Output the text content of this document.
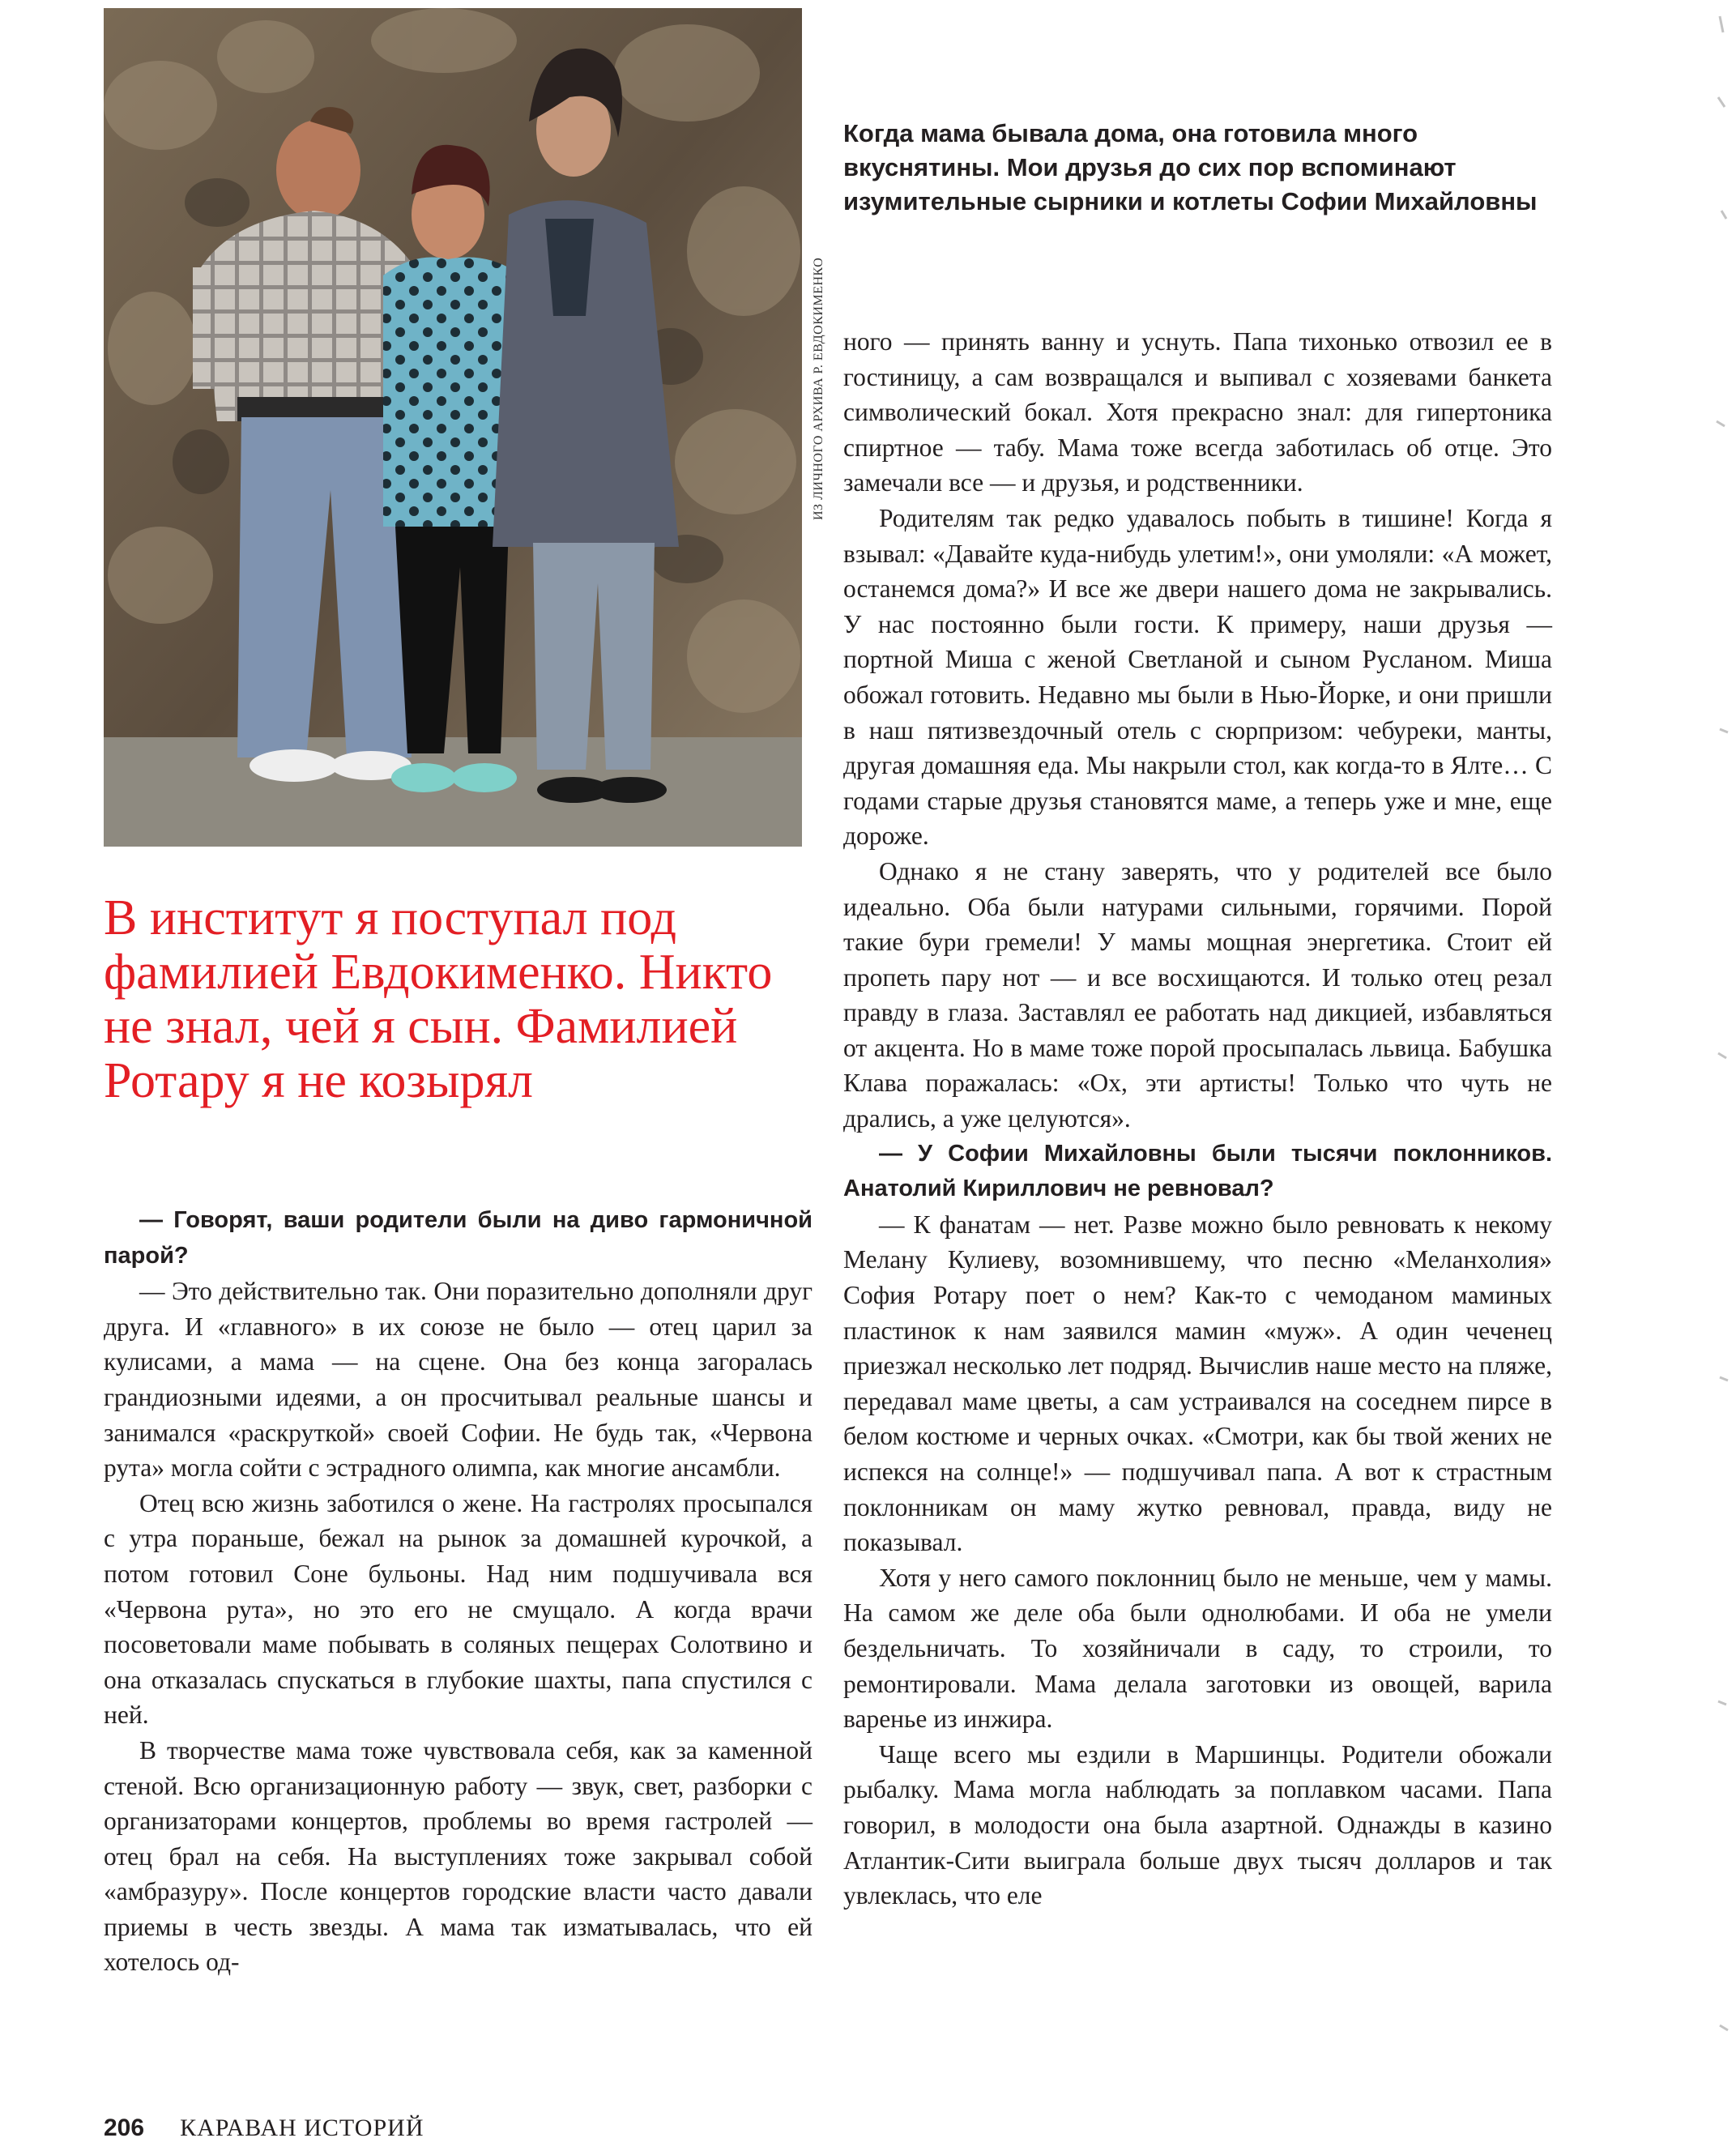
ИЗ ЛИЧНОГО АРХИВА Р. ЕВДОКИМЕНКО
Когда мама бывала дома, она готовила много вкуснятины. Мои друзья до сих пор вспоминают изумительные сырники и котлеты Софии Михайловны
В институт я поступал под фамилией Евдокименко. Никто не знал, чей я сын. Фамилией Ротару я не козырял

— Говорят, ваши родители были на диво гармоничной парой?

— Это действительно так. Они поразительно дополняли друг друга. И «главного» в их союзе не было — отец царил за кулисами, а мама — на сцене. Она без конца загоралась грандиозными идеями, а он просчитывал реальные шансы и занимался «раскруткой» своей Софии. Не будь так, «Червона рута» могла сойти с эстрадного олимпа, как многие ансамбли.

Отец всю жизнь заботился о жене. На гастролях просыпался с утра пораньше, бежал на рынок за домашней курочкой, а потом готовил Соне бульоны. Над ним подшучивала вся «Червона рута», но это его не смущало. А когда врачи посоветовали маме побывать в соляных пещерах Солотвино и она отказалась спускаться в глубокие шахты, папа спустился с ней.

В творчестве мама тоже чувствовала себя, как за каменной стеной. Всю организационную работу — звук, свет, разборки с организаторами концертов, проблемы во время гастролей — отец брал на себя. На выступлениях тоже закрывал собой «амбразуру». После концертов городские власти часто давали приемы в честь звезды. А мама так изматывалась, что ей хотелось од-

ного — принять ванну и уснуть. Папа тихонько отвозил ее в гостиницу, а сам возвращался и выпивал с хозяевами банкета символический бокал. Хотя прекрасно знал: для гипертоника спиртное — табу. Мама тоже всегда заботилась об отце. Это замечали все — и друзья, и родственники.

Родителям так редко удавалось побыть в тишине! Когда я взывал: «Давайте куда-нибудь улетим!», они умоляли: «А может, останемся дома?» И все же двери нашего дома не закрывались. У нас постоянно были гости. К примеру, наши друзья — портной Миша с женой Светланой и сыном Русланом. Миша обожал готовить. Недавно мы были в Нью-Йорке, и они пришли в наш пятизвездочный отель с сюрпризом: чебуреки, манты, другая домашняя еда. Мы накрыли стол, как когда-то в Ялте… С годами старые друзья становятся маме, а теперь уже и мне, еще дороже.

Однако я не стану заверять, что у родителей все было идеально. Оба были натурами сильными, горячими. Порой такие бури гремели! У мамы мощная энергетика. Стоит ей пропеть пару нот — и все восхищаются. И только отец резал правду в глаза. Заставлял ее работать над дикцией, избавляться от акцента. Но в маме тоже порой просыпалась львица. Бабушка Клава поражалась: «Ох, эти артисты! Только что чуть не дрались, а уже целуются».

— У Софии Михайловны были тысячи поклонников. Анатолий Кириллович не ревновал?

— К фанатам — нет. Разве можно было ревновать к некому Мелану Кулиеву, возомнившему, что песню «Меланхолия» София Ротару поет о нем? Как-то с чемоданом маминых пластинок к нам заявился мамин «муж». А один чеченец приезжал несколько лет подряд. Вычислив наше место на пляже, передавал маме цветы, а сам устраивался на соседнем пирсе в белом костюме и черных очках. «Смотри, как бы твой жених не испекся на солнце!» — подшучивал папа. А вот к страстным поклонникам он маму жутко ревновал, правда, виду не показывал.

Хотя у него самого поклонниц было не меньше, чем у мамы. На самом же деле оба были однолюбами. И оба не умели бездельничать. То хозяйничали в саду, то строили, то ремонтировали. Мама делала заготовки из овощей, варила варенье из инжира.

Чаще всего мы ездили в Маршинцы. Родители обожали рыбалку. Мама могла наблюдать за поплавком часами. Папа говорил, в молодости она была азартной. Однажды в казино Атлантик-Сити выиграла больше двух тысяч долларов и так увлеклась, что еле

206 КАРАВАН ИСТОРИЙ
